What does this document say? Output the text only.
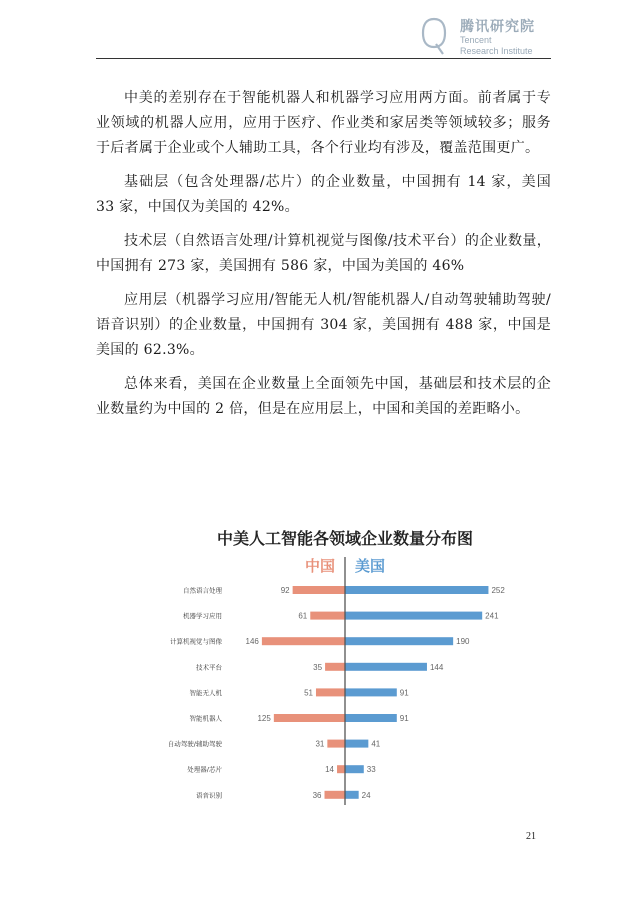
腾讯研究院
Tencent
Research Institute

中美的差别存在于智能机器人和机器学习应用两方面。前者属于专业领域的机器人应用，应用于医疗、作业类和家居类等领域较多；服务于后者属于企业或个人辅助工具，各个行业均有涉及，覆盖范围更广。

基础层（包含处理器/芯片）的企业数量，中国拥有 14 家，美国 33 家，中国仅为美国的 42%。

技术层（自然语言处理/计算机视觉与图像/技术平台）的企业数量，中国拥有 273 家，美国拥有 586 家，中国为美国的 46%

应用层（机器学习应用/智能无人机/智能机器人/自动驾驶辅助驾驶/语音识别）的企业数量，中国拥有 304 家，美国拥有 488 家，中国是美国的 62.3%。

总体来看，美国在企业数量上全面领先中国，基础层和技术层的企业数量约为中国的 2 倍，但是在应用层上，中国和美国的差距略小。

中美人工智能各领域企业数量分布图
中国 美国
自然语言处理	92	252
机器学习应用	61	241
计算机视觉与图像	146	190
技术平台	35	144
智能无人机	51	91
智能机器人	125	91
自动驾驶/辅助驾驶	31	41
处理器/芯片	14	33
语音识别	36	24
21
